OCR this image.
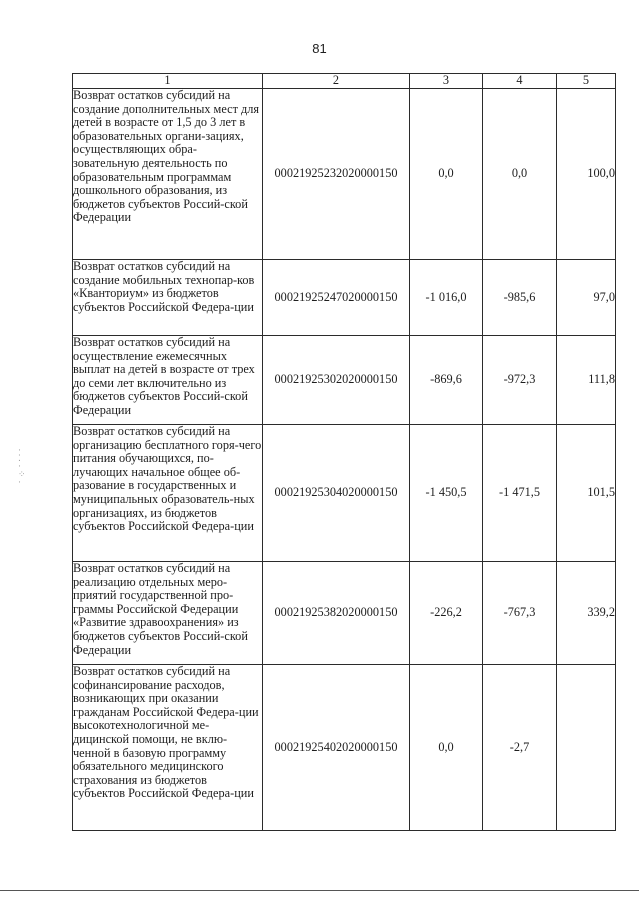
81
1	2	3	4	5
Возврат остатков субсидий на создание дополнительных мест для детей в возрасте от 1,5 до 3 лет в образовательных органи-зациях, осуществляющих обра-зовательную деятельность по образовательным программам дошкольного образования, из бюджетов субъектов Россий-ской Федерации	00021925232020000150	0,0	0,0	100,0
Возврат остатков субсидий на создание мобильных технопар-ков «Кванториум» из бюджетов субъектов Российской Федера-ции	00021925247020000150	-1 016,0	-985,6	97,0
Возврат остатков субсидий на осуществление ежемесячных выплат на детей в возрасте от трех до семи лет включительно из бюджетов субъектов Россий-ской Федерации	00021925302020000150	-869,6	-972,3	111,8
Возврат остатков субсидий на организацию бесплатного горя-чего питания обучающихся, по-лучающих начальное общее об-разование в государственных и муниципальных образователь-ных организациях, из бюджетов субъектов Российской Федера-ции	00021925304020000150	-1 450,5	-1 471,5	101,5
Возврат остатков субсидий на реализацию отдельных меро-приятий государственной про-граммы Российской Федерации «Развитие здравоохранения» из бюджетов субъектов Россий-ской Федерации	00021925382020000150	-226,2	-767,3	339,2
Возврат остатков субсидий на софинансирование расходов, возникающих при оказании гражданам Российской Федера-ции высокотехнологичной ме-дицинской помощи, не вклю-ченной в базовую программу обязательного медицинского страхования из бюджетов субъектов Российской Федера-ции	00021925402020000150	0,0	-2,7	
·
⁚
·
⁘
·
